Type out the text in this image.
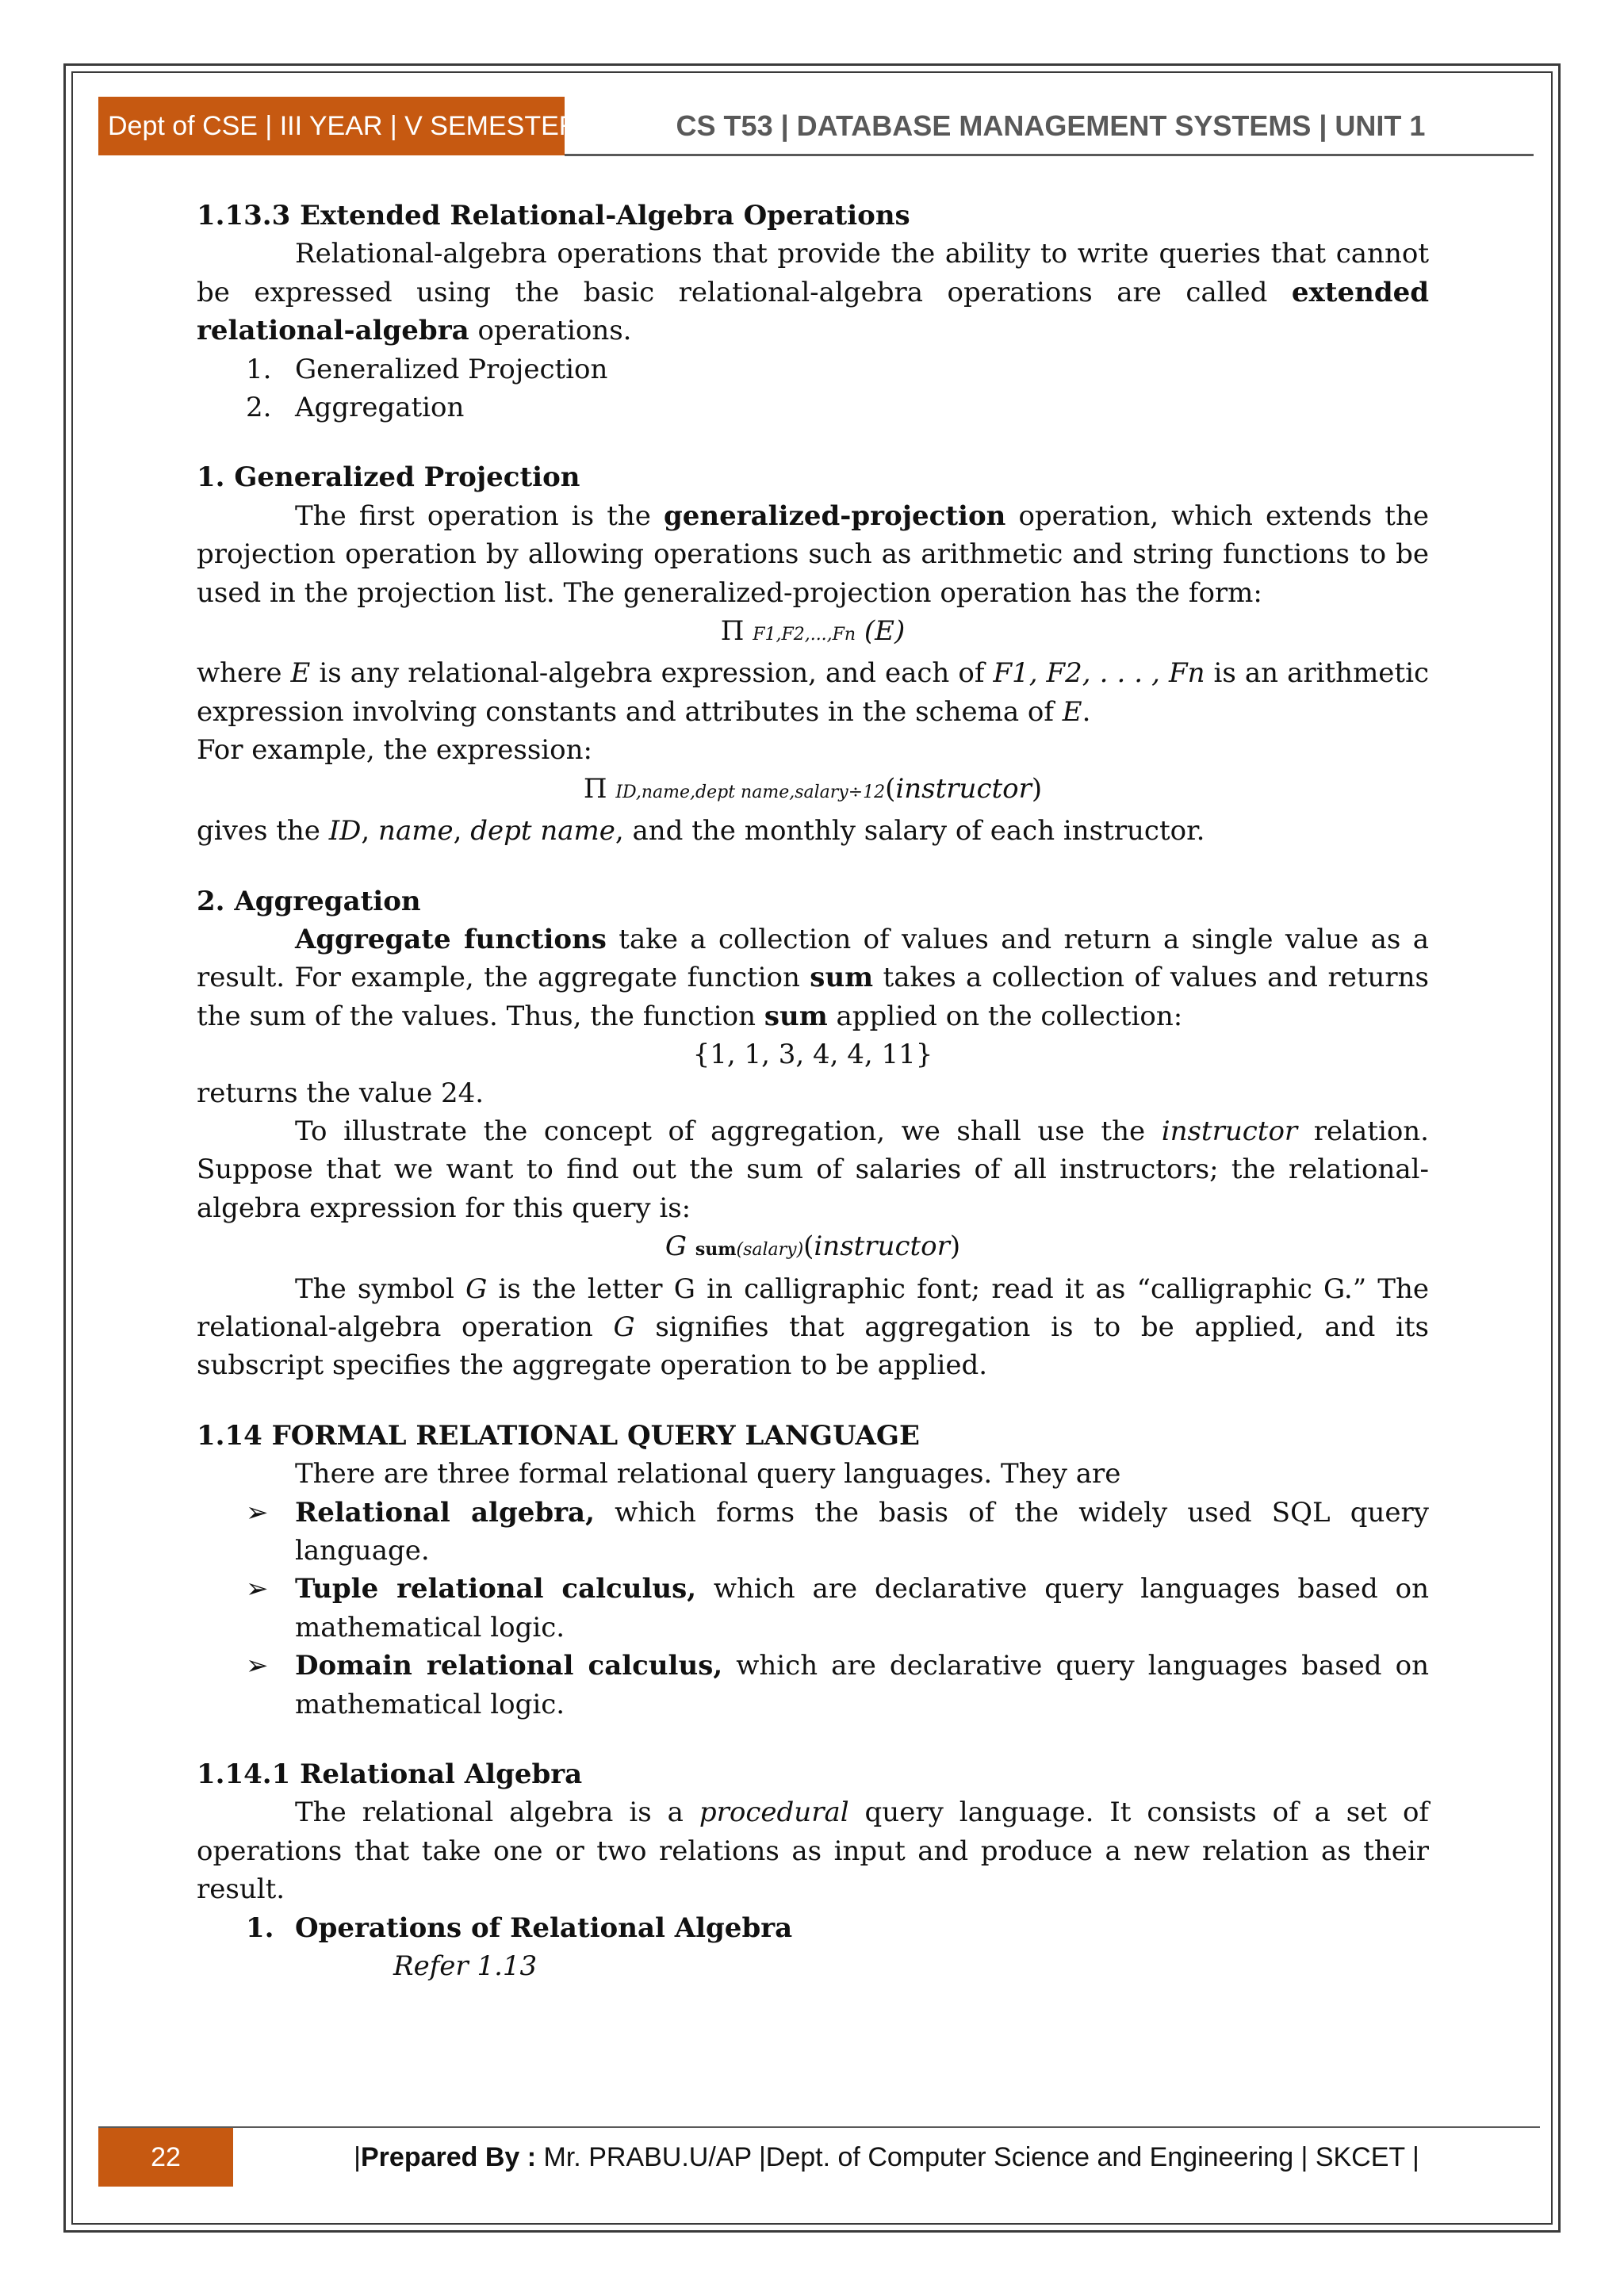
Dept of CSE | III YEAR | V SEMESTER	CS T53 | DATABASE MANAGEMENT SYSTEMS | UNIT 1

1.13.3 Extended Relational-Algebra Operations

Relational-algebra operations that provide the ability to write queries that cannot be expressed using the basic relational-algebra operations are called extended relational-algebra operations.

1. Generalized Projection
2. Aggregation

1. Generalized Projection

The first operation is the generalized-projection operation, which extends the projection operation by allowing operations such as arithmetic and string functions to be used in the projection list. The generalized-projection operation has the form:

Π F1,F2,...,Fn (E)

where E is any relational-algebra expression, and each of F1, F2, . . . , Fn is an arithmetic expression involving constants and attributes in the schema of E.

For example, the expression:

Π ID,name,dept name,salary÷12(instructor)

gives the ID, name, dept name, and the monthly salary of each instructor.

2. Aggregation

Aggregate functions take a collection of values and return a single value as a result. For example, the aggregate function sum takes a collection of values and returns the sum of the values. Thus, the function sum applied on the collection:

{1, 1, 3, 4, 4, 11}

returns the value 24.

To illustrate the concept of aggregation, we shall use the instructor relation. Suppose that we want to find out the sum of salaries of all instructors; the relational-algebra expression for this query is:

G sum(salary)(instructor)

The symbol G is the letter G in calligraphic font; read it as “calligraphic G.” The relational-algebra operation G signifies that aggregation is to be applied, and its subscript specifies the aggregate operation to be applied.

1.14 FORMAL RELATIONAL QUERY LANGUAGE

There are three formal relational query languages. They are

➢ Relational algebra, which forms the basis of the widely used SQL query language.
➢ Tuple relational calculus, which are declarative query languages based on mathematical logic.
➢ Domain relational calculus, which are declarative query languages based on mathematical logic.

1.14.1 Relational Algebra

The relational algebra is a procedural query language. It consists of a set of operations that take one or two relations as input and produce a new relation as their result.

1. Operations of Relational Algebra

Refer 1.13

22	|Prepared By : Mr. PRABU.U/AP |Dept. of Computer Science and Engineering | SKCET |
